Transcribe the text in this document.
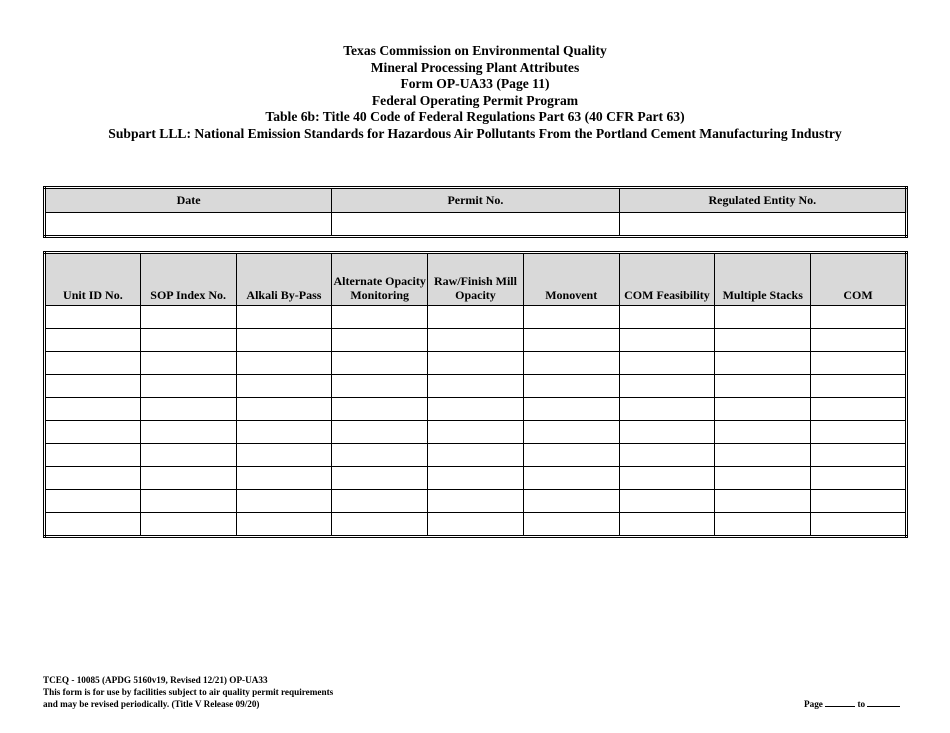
Texas Commission on Environmental Quality
Mineral Processing Plant Attributes
Form OP-UA33 (Page 11)
Federal Operating Permit Program
Table 6b: Title 40 Code of Federal Regulations Part 63 (40 CFR Part 63)
Subpart LLL: National Emission Standards for Hazardous Air Pollutants From the Portland Cement Manufacturing Industry
Date	Permit No.	Regulated Entity No.

Unit ID No.	SOP Index No.	Alkali By-Pass	Alternate Opacity Monitoring	Raw/Finish Mill Opacity	Monovent	COM Feasibility	Multiple Stacks	COM

TCEQ - 10085 (APDG 5160v19, Revised 12/21) OP-UA33
This form is for use by facilities subject to air quality permit requirements
and may be revised periodically. (Title V Release 09/20)	Page	to
